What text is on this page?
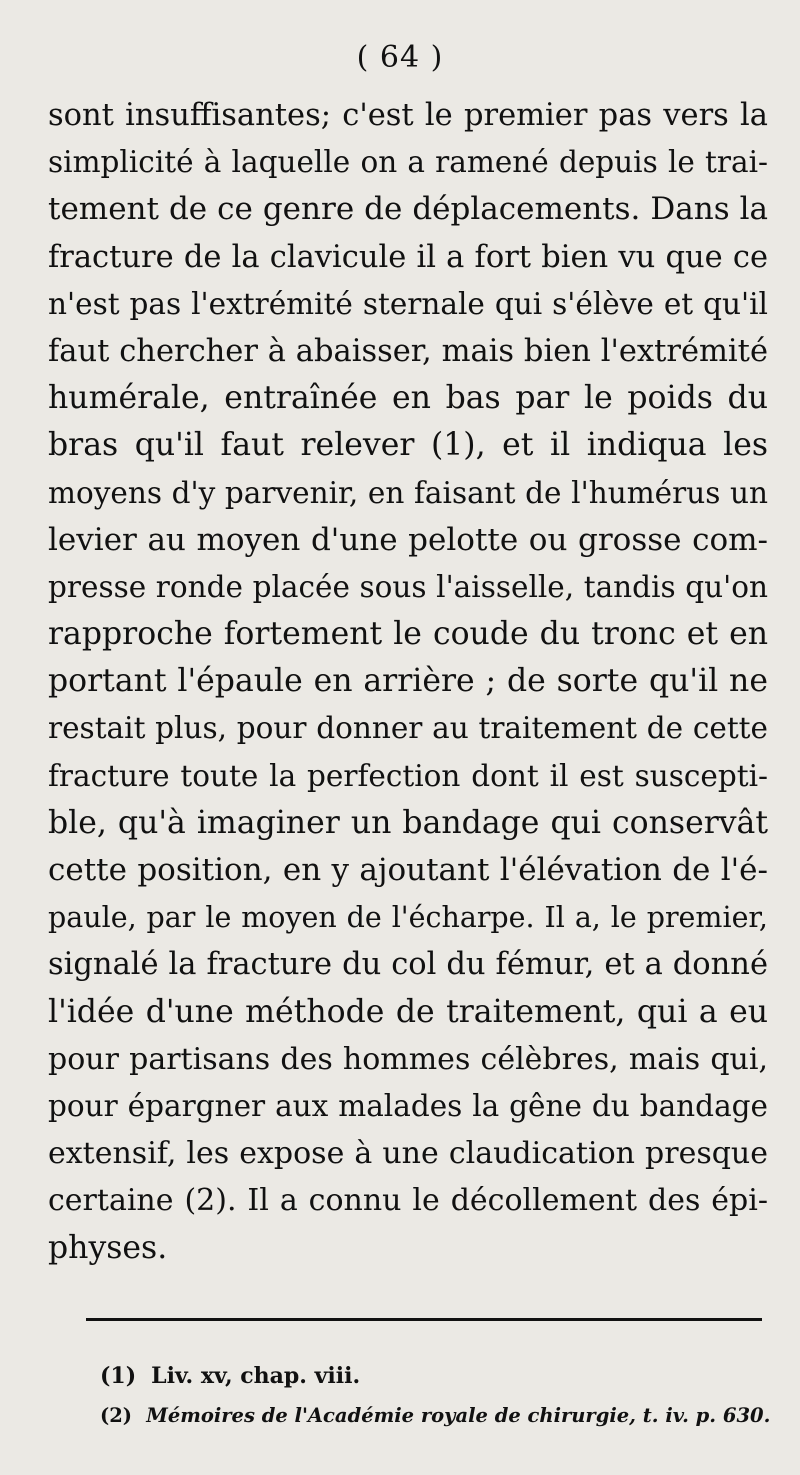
( 64 )
sont insuffisantes; c'est le premier pas vers la
simplicité à laquelle on a ramené depuis le trai-
tement de ce genre de déplacements. Dans la
fracture de la clavicule il a fort bien vu que ce
n'est pas l'extrémité sternale qui s'élève et qu'il
faut chercher à abaisser, mais bien l'extrémité
humérale, entraînée en bas par le poids du
bras qu'il faut relever (1), et il indiqua les
moyens d'y parvenir, en faisant de l'humérus un
levier au moyen d'une pelotte ou grosse com-
presse ronde placée sous l'aisselle, tandis qu'on
rapproche fortement le coude du tronc et en
portant l'épaule en arrière ; de sorte qu'il ne
restait plus, pour donner au traitement de cette
fracture toute la perfection dont il est suscepti-
ble, qu'à imaginer un bandage qui conservât
cette position, en y ajoutant l'élévation de l'é-
paule, par le moyen de l'écharpe. Il a, le premier,
signalé la fracture du col du fémur, et a donné
l'idée d'une méthode de traitement, qui a eu
pour partisans des hommes célèbres, mais qui,
pour épargner aux malades la gêne du bandage
extensif, les expose à une claudication presque
certaine (2). Il a connu le décollement des épi-
physes.
(1) Liv. xv, chap. viii.
(2) Mémoires de l'Académie royale de chirurgie, t. iv. p. 630.
